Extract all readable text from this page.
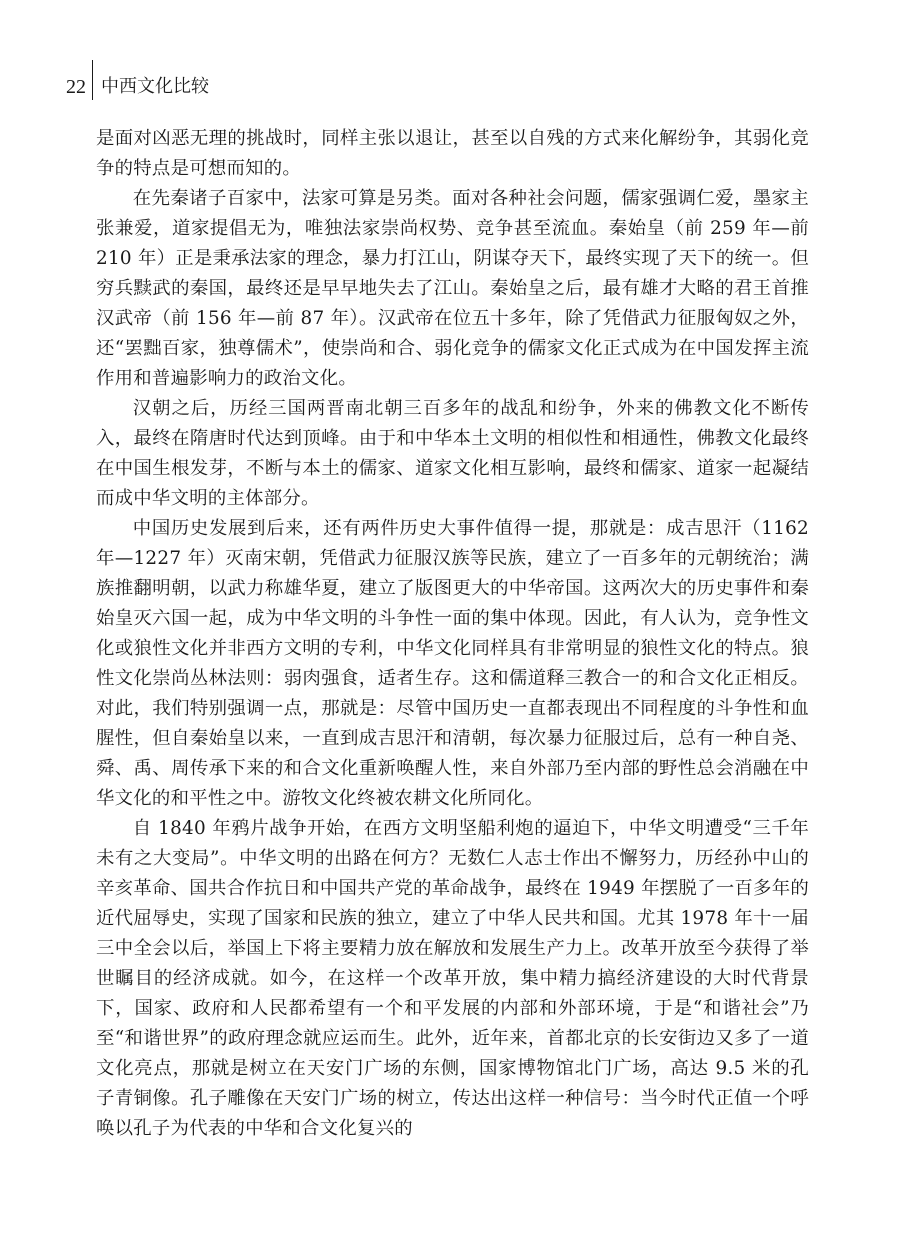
22 中西文化比较

是面对凶恶无理的挑战时，同样主张以退让，甚至以自残的方式来化解纷争，其弱化竞争的特点是可想而知的。

在先秦诸子百家中，法家可算是另类。面对各种社会问题，儒家强调仁爱，墨家主张兼爱，道家提倡无为，唯独法家崇尚权势、竞争甚至流血。秦始皇（前 259 年—前 210 年）正是秉承法家的理念，暴力打江山，阴谋夺天下，最终实现了天下的统一。但穷兵黩武的秦国，最终还是早早地失去了江山。秦始皇之后，最有雄才大略的君王首推汉武帝（前 156 年—前 87 年）。汉武帝在位五十多年，除了凭借武力征服匈奴之外，还“罢黜百家，独尊儒术”，使崇尚和合、弱化竞争的儒家文化正式成为在中国发挥主流作用和普遍影响力的政治文化。

汉朝之后，历经三国两晋南北朝三百多年的战乱和纷争，外来的佛教文化不断传入，最终在隋唐时代达到顶峰。由于和中华本土文明的相似性和相通性，佛教文化最终在中国生根发芽，不断与本土的儒家、道家文化相互影响，最终和儒家、道家一起凝结而成中华文明的主体部分。

中国历史发展到后来，还有两件历史大事件值得一提，那就是：成吉思汗（1162 年—1227 年）灭南宋朝，凭借武力征服汉族等民族，建立了一百多年的元朝统治；满族推翻明朝，以武力称雄华夏，建立了版图更大的中华帝国。这两次大的历史事件和秦始皇灭六国一起，成为中华文明的斗争性一面的集中体现。因此，有人认为，竞争性文化或狼性文化并非西方文明的专利，中华文化同样具有非常明显的狼性文化的特点。狼性文化崇尚丛林法则：弱肉强食，适者生存。这和儒道释三教合一的和合文化正相反。对此，我们特别强调一点，那就是：尽管中国历史一直都表现出不同程度的斗争性和血腥性，但自秦始皇以来，一直到成吉思汗和清朝，每次暴力征服过后，总有一种自尧、舜、禹、周传承下来的和合文化重新唤醒人性，来自外部乃至内部的野性总会消融在中华文化的和平性之中。游牧文化终被农耕文化所同化。

自 1840 年鸦片战争开始，在西方文明坚船利炮的逼迫下，中华文明遭受“三千年未有之大变局”。中华文明的出路在何方？无数仁人志士作出不懈努力，历经孙中山的辛亥革命、国共合作抗日和中国共产党的革命战争，最终在 1949 年摆脱了一百多年的近代屈辱史，实现了国家和民族的独立，建立了中华人民共和国。尤其 1978 年十一届三中全会以后，举国上下将主要精力放在解放和发展生产力上。改革开放至今获得了举世瞩目的经济成就。如今，在这样一个改革开放，集中精力搞经济建设的大时代背景下，国家、政府和人民都希望有一个和平发展的内部和外部环境，于是“和谐社会”乃至“和谐世界”的政府理念就应运而生。此外，近年来，首都北京的长安街边又多了一道文化亮点，那就是树立在天安门广场的东侧，国家博物馆北门广场，高达 9.5 米的孔子青铜像。孔子雕像在天安门广场的树立，传达出这样一种信号：当今时代正值一个呼唤以孔子为代表的中华和合文化复兴的
